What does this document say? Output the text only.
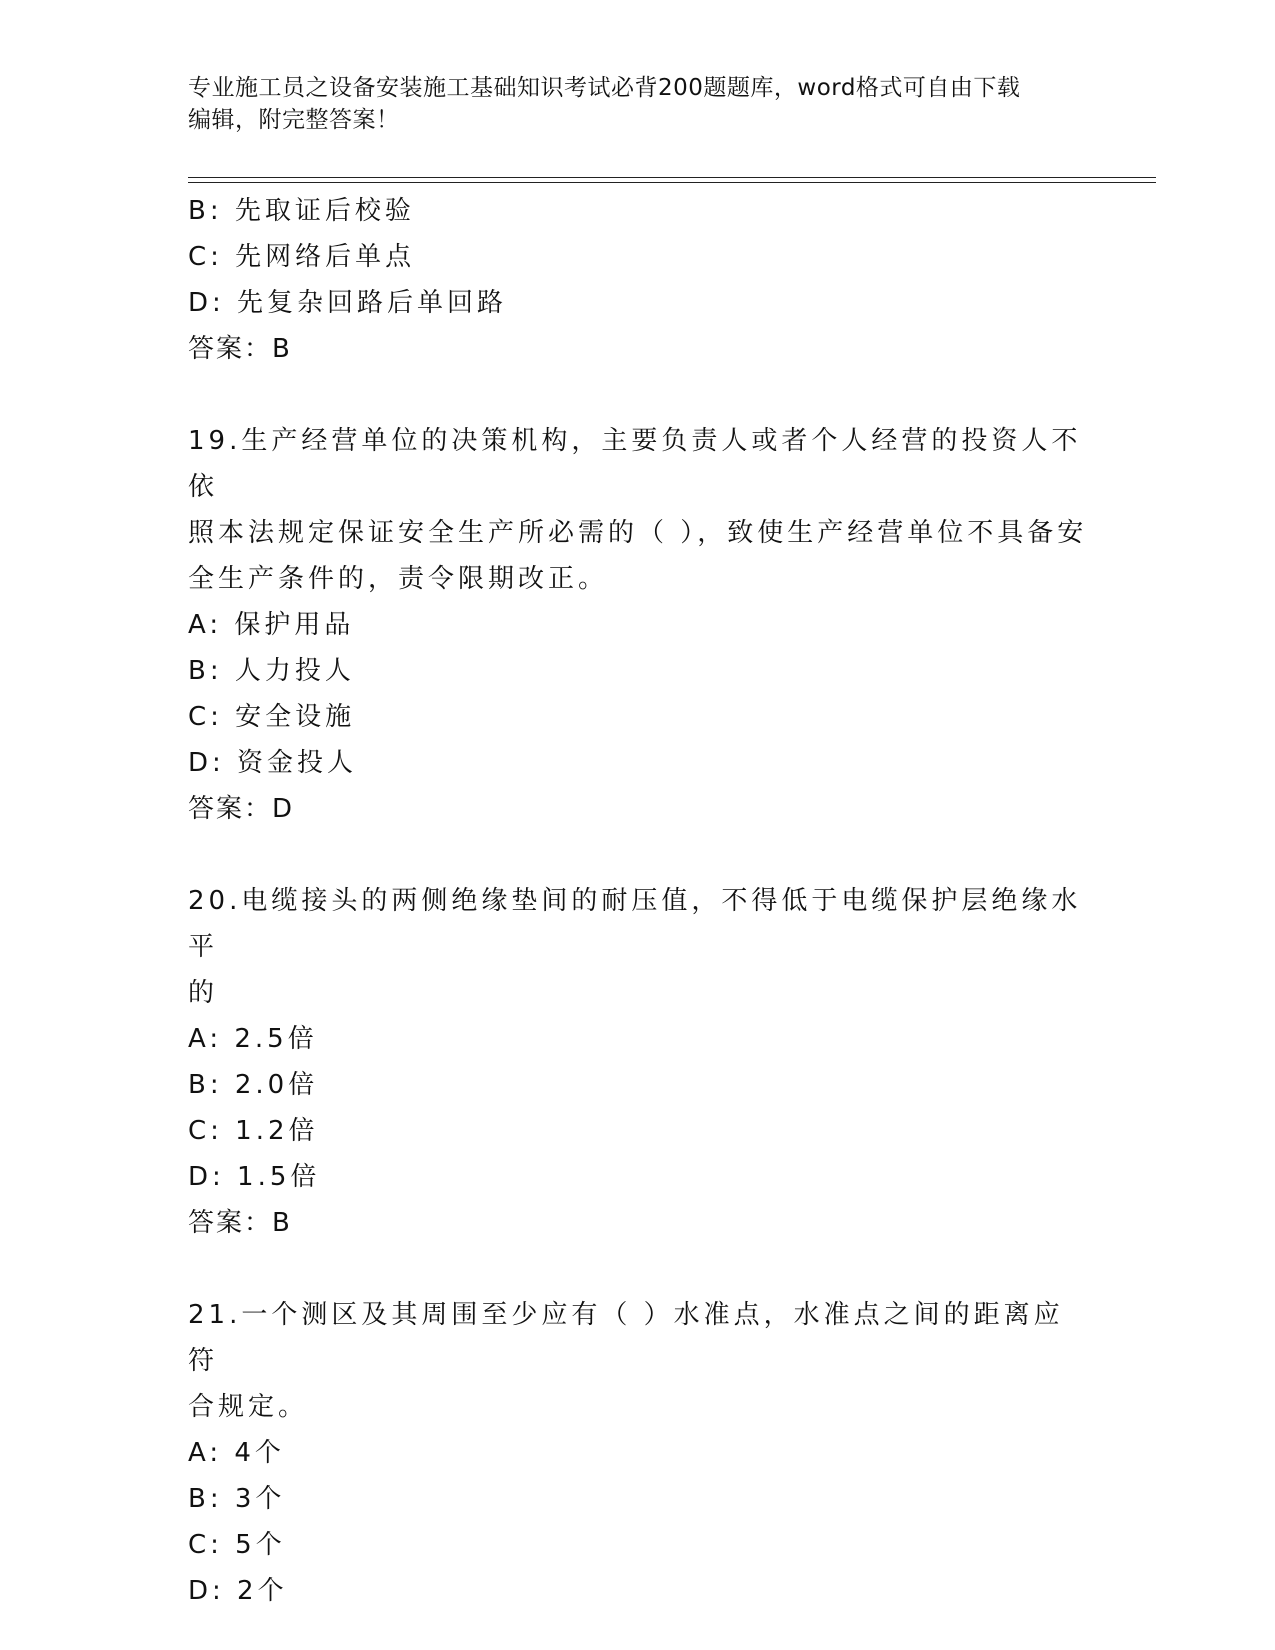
专业施工员之设备安装施工基础知识考试必背200题题库，word格式可自由下载
编辑，附完整答案！
B: 先取证后校验
C: 先网络后单点
D: 先复杂回路后单回路
答案：B
19.生产经营单位的决策机构，主要负责人或者个人经营的投资人不依
照本法规定保证安全生产所必需的（ ），致使生产经营单位不具备安
全生产条件的，责令限期改正。
A: 保护用品
B: 人力投人
C: 安全设施
D: 资金投人
答案：D
20.电缆接头的两侧绝缘垫间的耐压值，不得低于电缆保护层绝缘水平
的
A: 2.5倍
B: 2.0倍
C: 1.2倍
D: 1.5倍
答案：B
21.一个测区及其周围至少应有（ ）水准点，水准点之间的距离应符
合规定。
A: 4个
B: 3个
C: 5个
D: 2个
